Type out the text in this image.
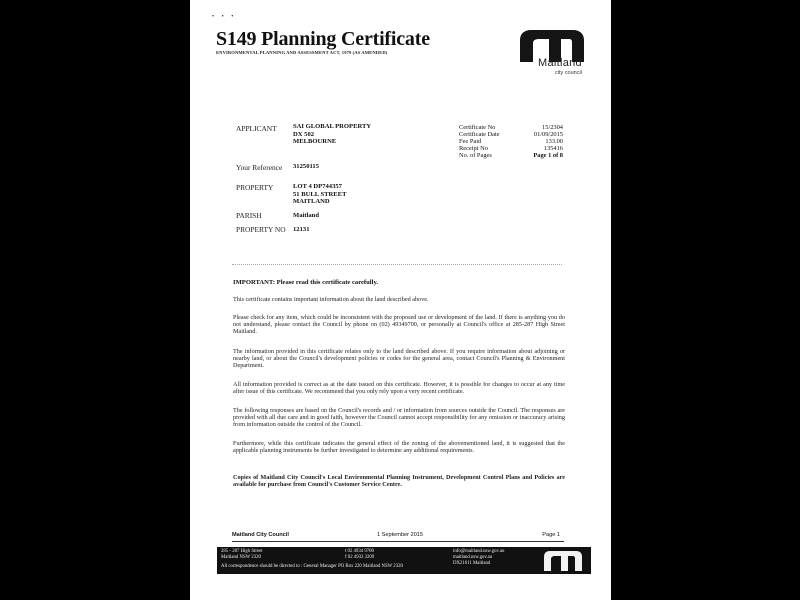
• • •
S149 Planning Certificate
ENVIRONMENTAL PLANNING AND ASSESSMENT ACT, 1979 (AS AMENDED)
Maitland
city council
APPLICANT SAI GLOBAL PROPERTY
DX 502
MELBOURNE
Your Reference 31250115
PROPERTY	LOT 4 DP744357
51 BULL STREET
MAITLAND
PARISH	Maitland
PROPERTY NO 12131
Certificate No	15/2304
Certificate Date	01/09/2015
Fee Paid	133.00
Receipt No	135416
No. of Pages	Page 1 of 8
IMPORTANT: Please read this certificate carefully.
This certificate contains important information about the land described above.
Please check for any item, which could be inconsistent with the proposed use or development of the land. If there is anything you do not understand, please contact the Council by phone on (02) 49349700, or personally at Council's office at 285-287 High Street Maitland.
The information provided in this certificate relates only to the land described above. If you require information about adjoining or nearby land, or about the Council's development policies or codes for the general area, contact Council's Planning & Environment Department.
All information provided is correct as at the date issued on this certificate. However, it is possible for changes to occur at any time after issue of this certificate. We recommend that you only rely upon a very recent certificate.
The following responses are based on the Council's records and / or information from sources outside the Council. The responses are provided with all due care and in good faith, however the Council cannot accept responsibility for any omission or inaccuracy arising from information outside the control of the Council.
Furthermore, while this certificate indicates the general effect of the zoning of the abovementioned land, it is suggested that the applicable planning instruments be further investigated to determine any additional requirements.
Copies of Maitland City Council's Local Environmental Planning Instrument, Development Control Plans and Policies are available for purchase from Council's Customer Service Centre.
Maitland City Council	1 September 2015	Page 1
285 - 287 High Street
Maitland NSW 2320
t 02 4934 9700
f 02 4933 3209
info@maitland.nsw.gov.au
maitland.nsw.gov.au
DX21611 Maitland
All correspondence should be directed to : General Manager PO Box 220 Maitland NSW 2320
